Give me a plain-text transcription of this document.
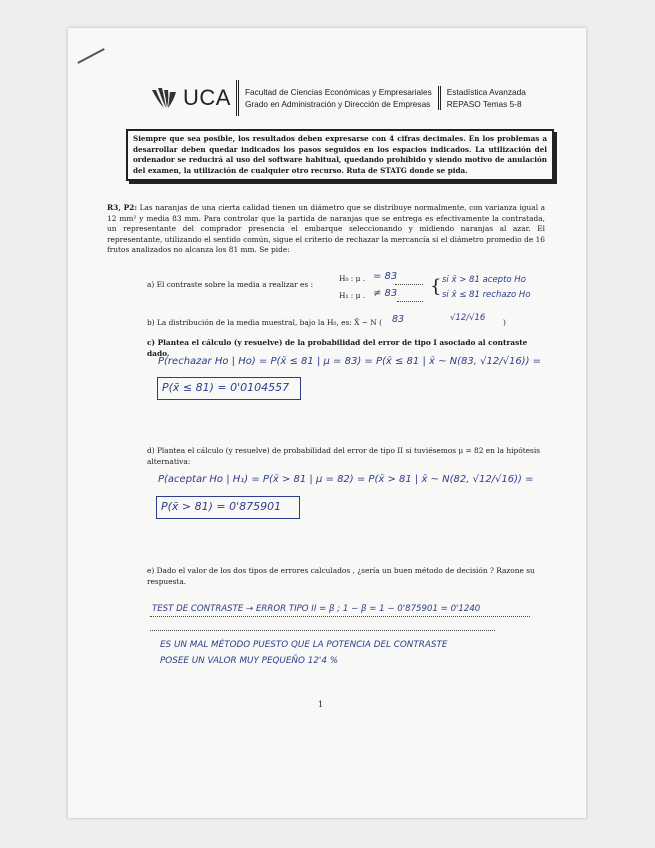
UCA Facultad de Ciencias Económicas y Empresariales
Grado en Administración y Dirección de Empresas
Estadística Avanzada
REPASO Temas 5-8
Siempre que sea posible, los resultados deben expresarse con 4 cifras decimales. En los problemas a desarrollar deben quedar indicados los pasos seguidos en los espacios indicados. La utilización del ordenador se reducirá al uso del software habitual, quedando prohibido y siendo motivo de anulación del examen, la utilización de cualquier otro recurso. Ruta de STATG donde se pida.
R3, P2: Las naranjas de una cierta calidad tienen un diámetro que se distribuye normalmente, con varianza igual a 12 mm² y media 83 mm. Para controlar que la partida de naranjas que se entrega es efectivamente la contratada, un representante del comprador presencia el embarque seleccionando y midiendo naranjas al azar. El representante, utilizando el sentido común, sigue el criterio de rechazar la mercancía si el diámetro promedio de 16 frutos analizados no alcanza los 81 mm. Se pide:
a) El contraste sobre la media a realizar es :
H₀ : μ . = 83
H₁ : μ . ≠ 83 { si x̄ > 81 acepto Ho
si x̄ ≤ 81 rechazo Ho
b) La distribución de la media muestral, bajo la H₀, es: X̄ ~ N ( 83	√12/√16 )
c) Plantea el cálculo (y resuelve) de la probabilidad del error de tipo I asociado al contraste dado.
P(rechazar Ho | Ho) = P(x̄ ≤ 81 | μ = 83) = P(x̄ ≤ 81 | x̄ ~ N(83, √12/√16)) =
P(x̄ ≤ 81) = 0'0104557
d) Plantea el cálculo (y resuelve) de probabilidad del error de tipo II si tuviésemos μ = 82 en la hipótesis alternativa:
P(aceptar Ho | H₁) = P(x̄ > 81 | μ = 82) = P(x̄ > 81 | x̄ ~ N(82, √12/√16)) =
P(x̄ > 81) = 0'875901
e) Dado el valor de los dos tipos de errores calculados , ¿sería un buen método de decisión ? Razone su respuesta.
TEST DE CONTRASTE → ERROR TIPO II = β ; 1 − β = 1 − 0'875901 = 0'1240
ES UN MAL MÉTODO PUESTO QUE LA POTENCIA DEL CONTRASTE
POSEE UN VALOR MUY PEQUEÑO 12'4 %
1
